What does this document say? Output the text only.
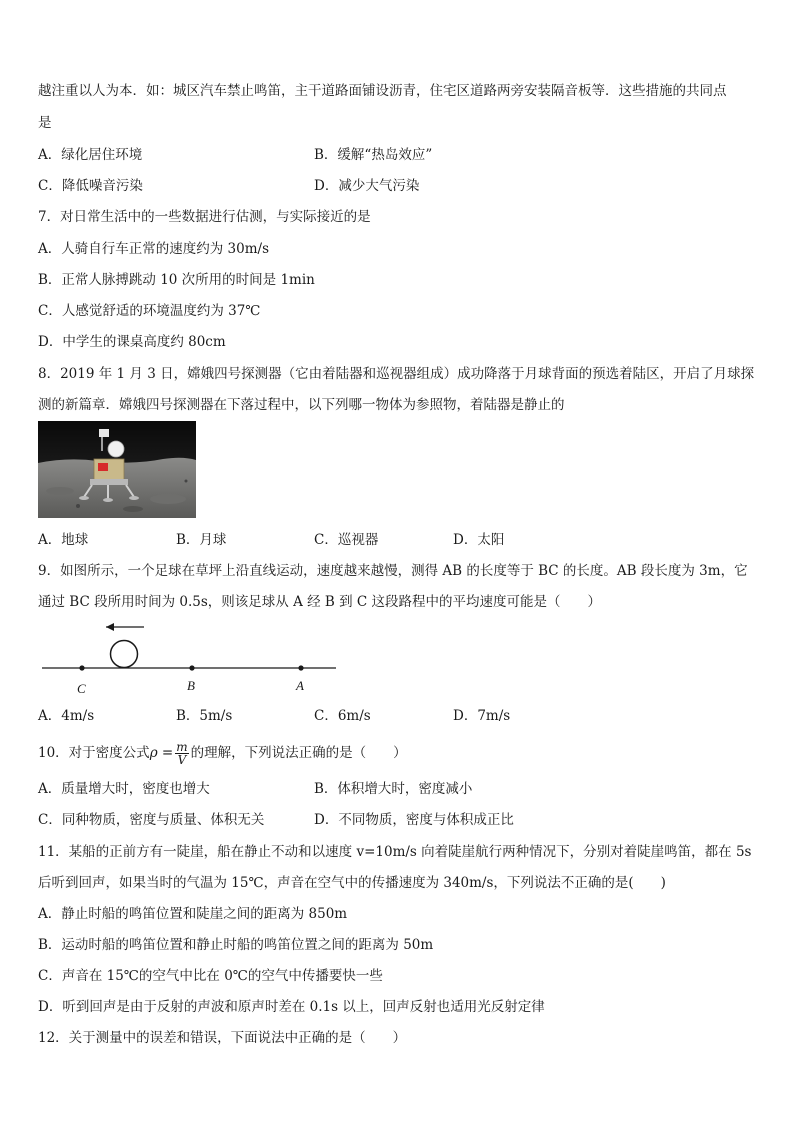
越注重以人为本．如：城区汽车禁止鸣笛，主干道路面铺设沥青，住宅区道路两旁安装隔音板等．这些措施的共同点
是
A．绿化居住环境	B．缓解“热岛效应”
C．降低噪音污染	D．减少大气污染
7．对日常生活中的一些数据进行估测，与实际接近的是
A．人骑自行车正常的速度约为 30m/s
B．正常人脉搏跳动 10 次所用的时间是 1min
C．人感觉舒适的环境温度约为 37℃
D．中学生的课桌高度约 80cm
8．2019 年 1 月 3 日，嫦娥四号探测器（它由着陆器和巡视器组成）成功降落于月球背面的预选着陆区，开启了月球探
测的新篇章．嫦娥四号探测器在下落过程中，以下列哪一物体为参照物，着陆器是静止的
A．地球	B．月球	C．巡视器	D．太阳
9．如图所示，一个足球在草坪上沿直线运动，速度越来越慢，测得 AB 的长度等于 BC 的长度。AB 段长度为 3m，它
通过 BC 段所用时间为 0.5s，则该足球从 A 经 B 到 C 这段路程中的平均速度可能是（　　）
C	B	A
A．4m/s	B．5m/s	C．6m/s	D．7m/s
10．对于密度公式$\rho = \frac{m}{V}$ 的理解，下列说法正确的是（　　）
A．质量增大时，密度也增大	B．体积增大时，密度减小
C．同种物质，密度与质量、体积无关	D．不同物质，密度与体积成正比
11．某船的正前方有一陡崖，船在静止不动和以速度 v=10m/s 向着陡崖航行两种情况下，分别对着陡崖鸣笛，都在 5s
后听到回声，如果当时的气温为 15℃，声音在空气中的传播速度为 340m/s，下列说法不正确的是(　　)
A．静止时船的鸣笛位置和陡崖之间的距离为 850m
B．运动时船的鸣笛位置和静止时船的鸣笛位置之间的距离为 50m
C．声音在 15℃的空气中比在 0℃的空气中传播要快一些
D．听到回声是由于反射的声波和原声时差在 0.1s 以上，回声反射也适用光反射定律
12．关于测量中的误差和错误，下面说法中正确的是（　　）
